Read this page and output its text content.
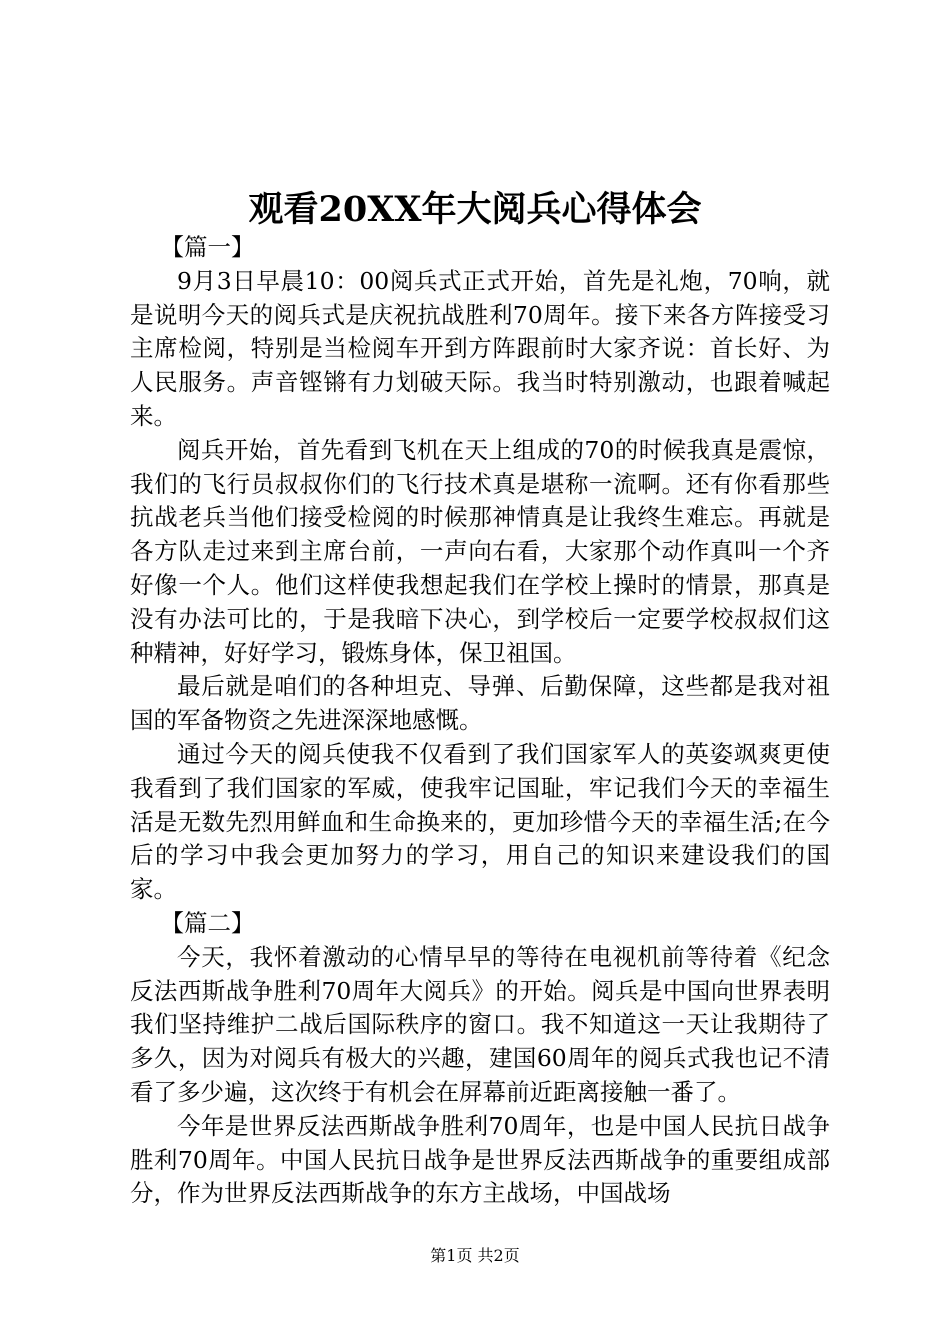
观看20XX年大阅兵心得体会

【篇一】

9月3日早晨10：00阅兵式正式开始，首先是礼炮，70响，就是说明今天的阅兵式是庆祝抗战胜利70周年。接下来各方阵接受习主席检阅，特别是当检阅车开到方阵跟前时大家齐说：首长好、为人民服务。声音铿锵有力划破天际。我当时特别激动，也跟着喊起来。

阅兵开始，首先看到飞机在天上组成的70的时候我真是震惊，我们的飞行员叔叔你们的飞行技术真是堪称一流啊。还有你看那些抗战老兵当他们接受检阅的时候那神情真是让我终生难忘。再就是各方队走过来到主席台前，一声向右看，大家那个动作真叫一个齐好像一个人。他们这样使我想起我们在学校上操时的情景，那真是没有办法可比的，于是我暗下决心，到学校后一定要学校叔叔们这种精神，好好学习，锻炼身体，保卫祖国。

最后就是咱们的各种坦克、导弹、后勤保障，这些都是我对祖国的军备物资之先进深深地感慨。

通过今天的阅兵使我不仅看到了我们国家军人的英姿飒爽更使我看到了我们国家的军威，使我牢记国耻，牢记我们今天的幸福生活是无数先烈用鲜血和生命换来的，更加珍惜今天的幸福生活;在今后的学习中我会更加努力的学习，用自己的知识来建设我们的国家。

【篇二】

今天，我怀着激动的心情早早的等待在电视机前等待着《纪念反法西斯战争胜利70周年大阅兵》的开始。阅兵是中国向世界表明我们坚持维护二战后国际秩序的窗口。我不知道这一天让我期待了多久，因为对阅兵有极大的兴趣，建国60周年的阅兵式我也记不清看了多少遍，这次终于有机会在屏幕前近距离接触一番了。

今年是世界反法西斯战争胜利70周年，也是中国人民抗日战争胜利70周年。中国人民抗日战争是世界反法西斯战争的重要组成部分，作为世界反法西斯战争的东方主战场，中国战场

第1页 共2页
